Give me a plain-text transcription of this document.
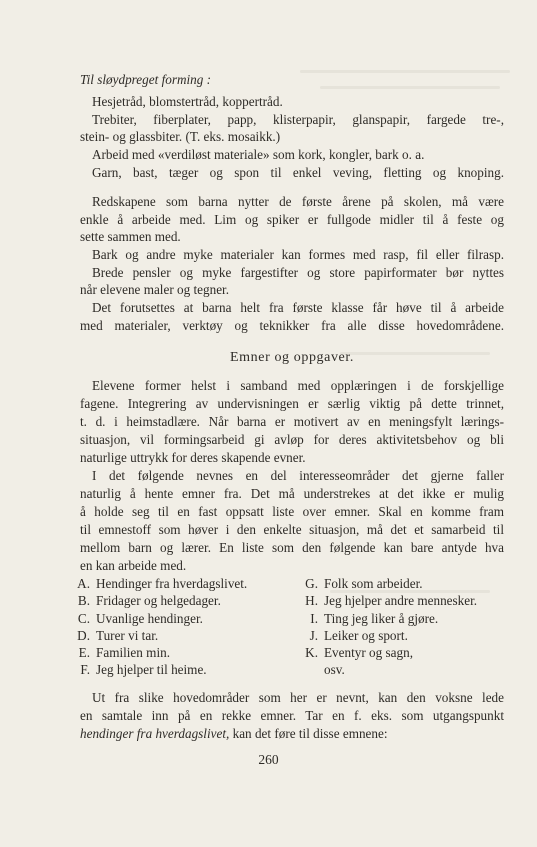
Til sløydpreget forming :
Hesjetråd, blomstertråd, koppertråd.
Trebiter, fiberplater, papp, klisterpapir, glanspapir, fargede tre-,
stein- og glassbiter. (T. eks. mosaikk.)
Arbeid med «verdiløst materiale» som kork, kongler, bark o. a.
Garn, bast, tæger og spon til enkel veving, fletting og knoping.
Redskapene som barna nytter de første årene på skolen, må være
enkle å arbeide med. Lim og spiker er fullgode midler til å feste og
sette sammen med.
Bark og andre myke materialer kan formes med rasp, fil eller filrasp.
Brede pensler og myke fargestifter og store papirformater bør nyttes
når elevene maler og tegner.
Det forutsettes at barna helt fra første klasse får høve til å arbeide
med materialer, verktøy og teknikker fra alle disse hovedområdene.
Emner og oppgaver.
Elevene former helst i samband med opplæringen i de forskjellige
fagene. Integrering av undervisningen er særlig viktig på dette trinnet,
t. d. i heimstadlære. Når barna er motivert av en meningsfylt lærings-
situasjon, vil formingsarbeid gi avløp for deres aktivitetsbehov og bli
naturlige uttrykk for deres skapende evner.
I det følgende nevnes en del interesseområder det gjerne faller
naturlig å hente emner fra. Det må understrekes at det ikke er mulig
å holde seg til en fast oppsatt liste over emner. Skal en komme fram
til emnestoff som høver i den enkelte situasjon, må det et samarbeid til
mellom barn og lærer. En liste som den følgende kan bare antyde hva
en kan arbeide med.
A. Hendinger fra hverdagslivet.
B. Fridager og helgedager.
C. Uvanlige hendinger.
D. Turer vi tar.
E. Familien min.
F. Jeg hjelper til heime.
G. Folk som arbeider.
H. Jeg hjelper andre mennesker.
I. Ting jeg liker å gjøre.
J. Leiker og sport.
K. Eventyr og sagn,
osv.
Ut fra slike hovedområder som her er nevnt, kan den voksne lede
en samtale inn på en rekke emner. Tar en f. eks. som utgangspunkt
hendinger fra hverdagslivet, kan det føre til disse emnene:
260
